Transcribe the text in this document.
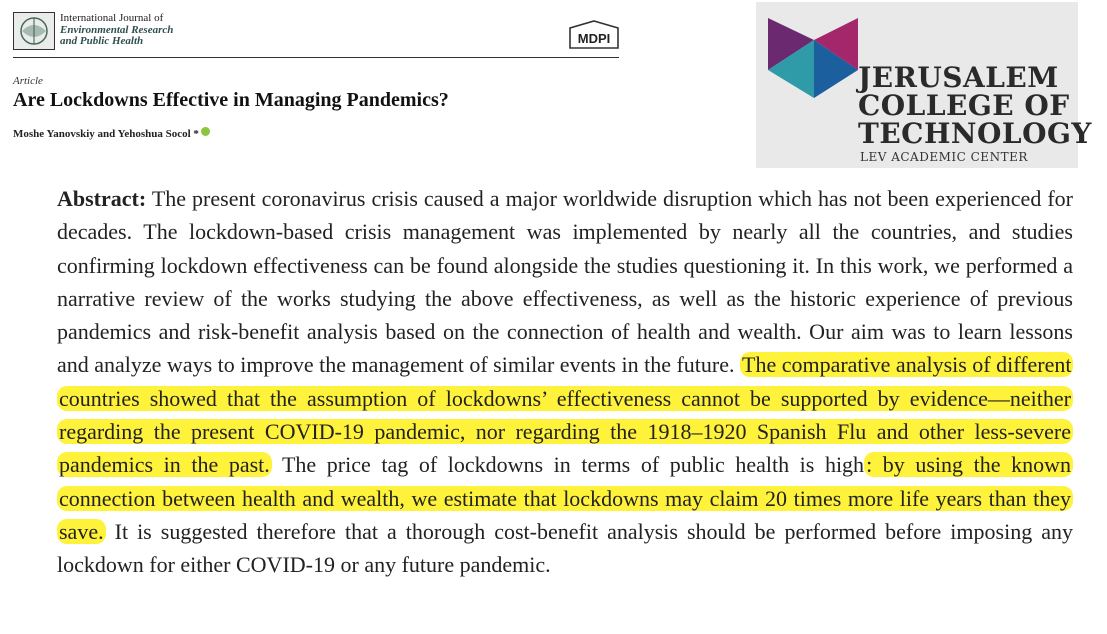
International Journal of
Environmental Research
and Public Health	MDPI
Article
Are Lockdowns Effective in Managing Pandemics?
Moshe Yanovskiy and Yehoshua Socol *
JERUSALEM
COLLEGE OF
TECHNOLOGY
LEV ACADEMIC CENTER
Abstract: The present coronavirus crisis caused a major worldwide disruption which has not been experienced for decades. The lockdown-based crisis management was implemented by nearly all the countries, and studies confirming lockdown effectiveness can be found alongside the studies questioning it. In this work, we performed a narrative review of the works studying the above effectiveness, as well as the historic experience of previous pandemics and risk-benefit analysis based on the connection of health and wealth. Our aim was to learn lessons and analyze ways to improve the management of similar events in the future. The comparative analysis of different countries showed that the assumption of lockdowns’ effectiveness cannot be supported by evidence—neither regarding the present COVID-19 pandemic, nor regarding the 1918–1920 Spanish Flu and other less-severe pandemics in the past. The price tag of lockdowns in terms of public health is high: by using the known connection between health and wealth, we estimate that lockdowns may claim 20 times more life years than they save. It is suggested therefore that a thorough cost-benefit analysis should be performed before imposing any lockdown for either COVID-19 or any future pandemic.
